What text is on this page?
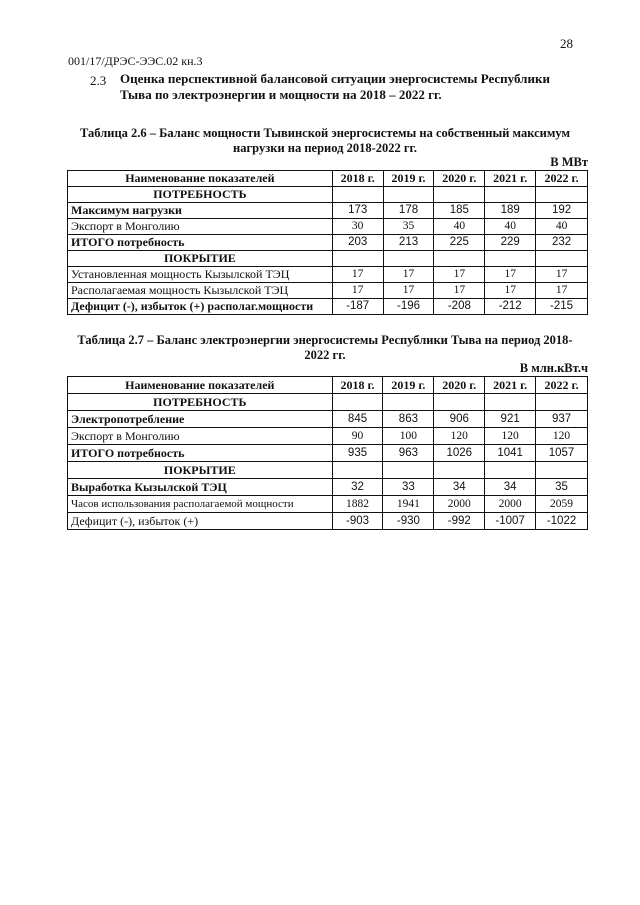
28
001/17/ДРЭС-ЭЭС.02 кн.3
2.3 Оценка перспективной балансовой ситуации энергосистемы Республики Тыва по электроэнергии и мощности на 2018 – 2022 гг.
Таблица 2.6 – Баланс мощности Тывинской энергосистемы на собственный максимум нагрузки на период 2018-2022 гг.
В МВт
Наименование показателей	2018 г.	2019 г.	2020 г.	2021 г.	2022 г.
ПОТРЕБНОСТЬ					
Максимум нагрузки	173	178	185	189	192
Экспорт в Монголию	30	35	40	40	40
ИТОГО потребность	203	213	225	229	232
ПОКРЫТИЕ					
Установленная мощность Кызылской ТЭЦ	17	17	17	17	17
Располагаемая мощность Кызылской ТЭЦ	17	17	17	17	17
Дефицит (-), избыток (+) располаг.мощности	-187	-196	-208	-212	-215
Таблица 2.7 – Баланс электроэнергии энергосистемы Республики Тыва на период 2018-2022 гг.
В млн.кВт.ч
Наименование показателей	2018 г.	2019 г.	2020 г.	2021 г.	2022 г.
ПОТРЕБНОСТЬ					
Электропотребление	845	863	906	921	937
Экспорт в Монголию	90	100	120	120	120
ИТОГО потребность	935	963	1026	1041	1057
ПОКРЫТИЕ					
Выработка Кызылской ТЭЦ	32	33	34	34	35
Часов использования располагаемой мощности	1882	1941	2000	2000	2059
Дефицит (-), избыток (+)	-903	-930	-992	-1007	-1022
